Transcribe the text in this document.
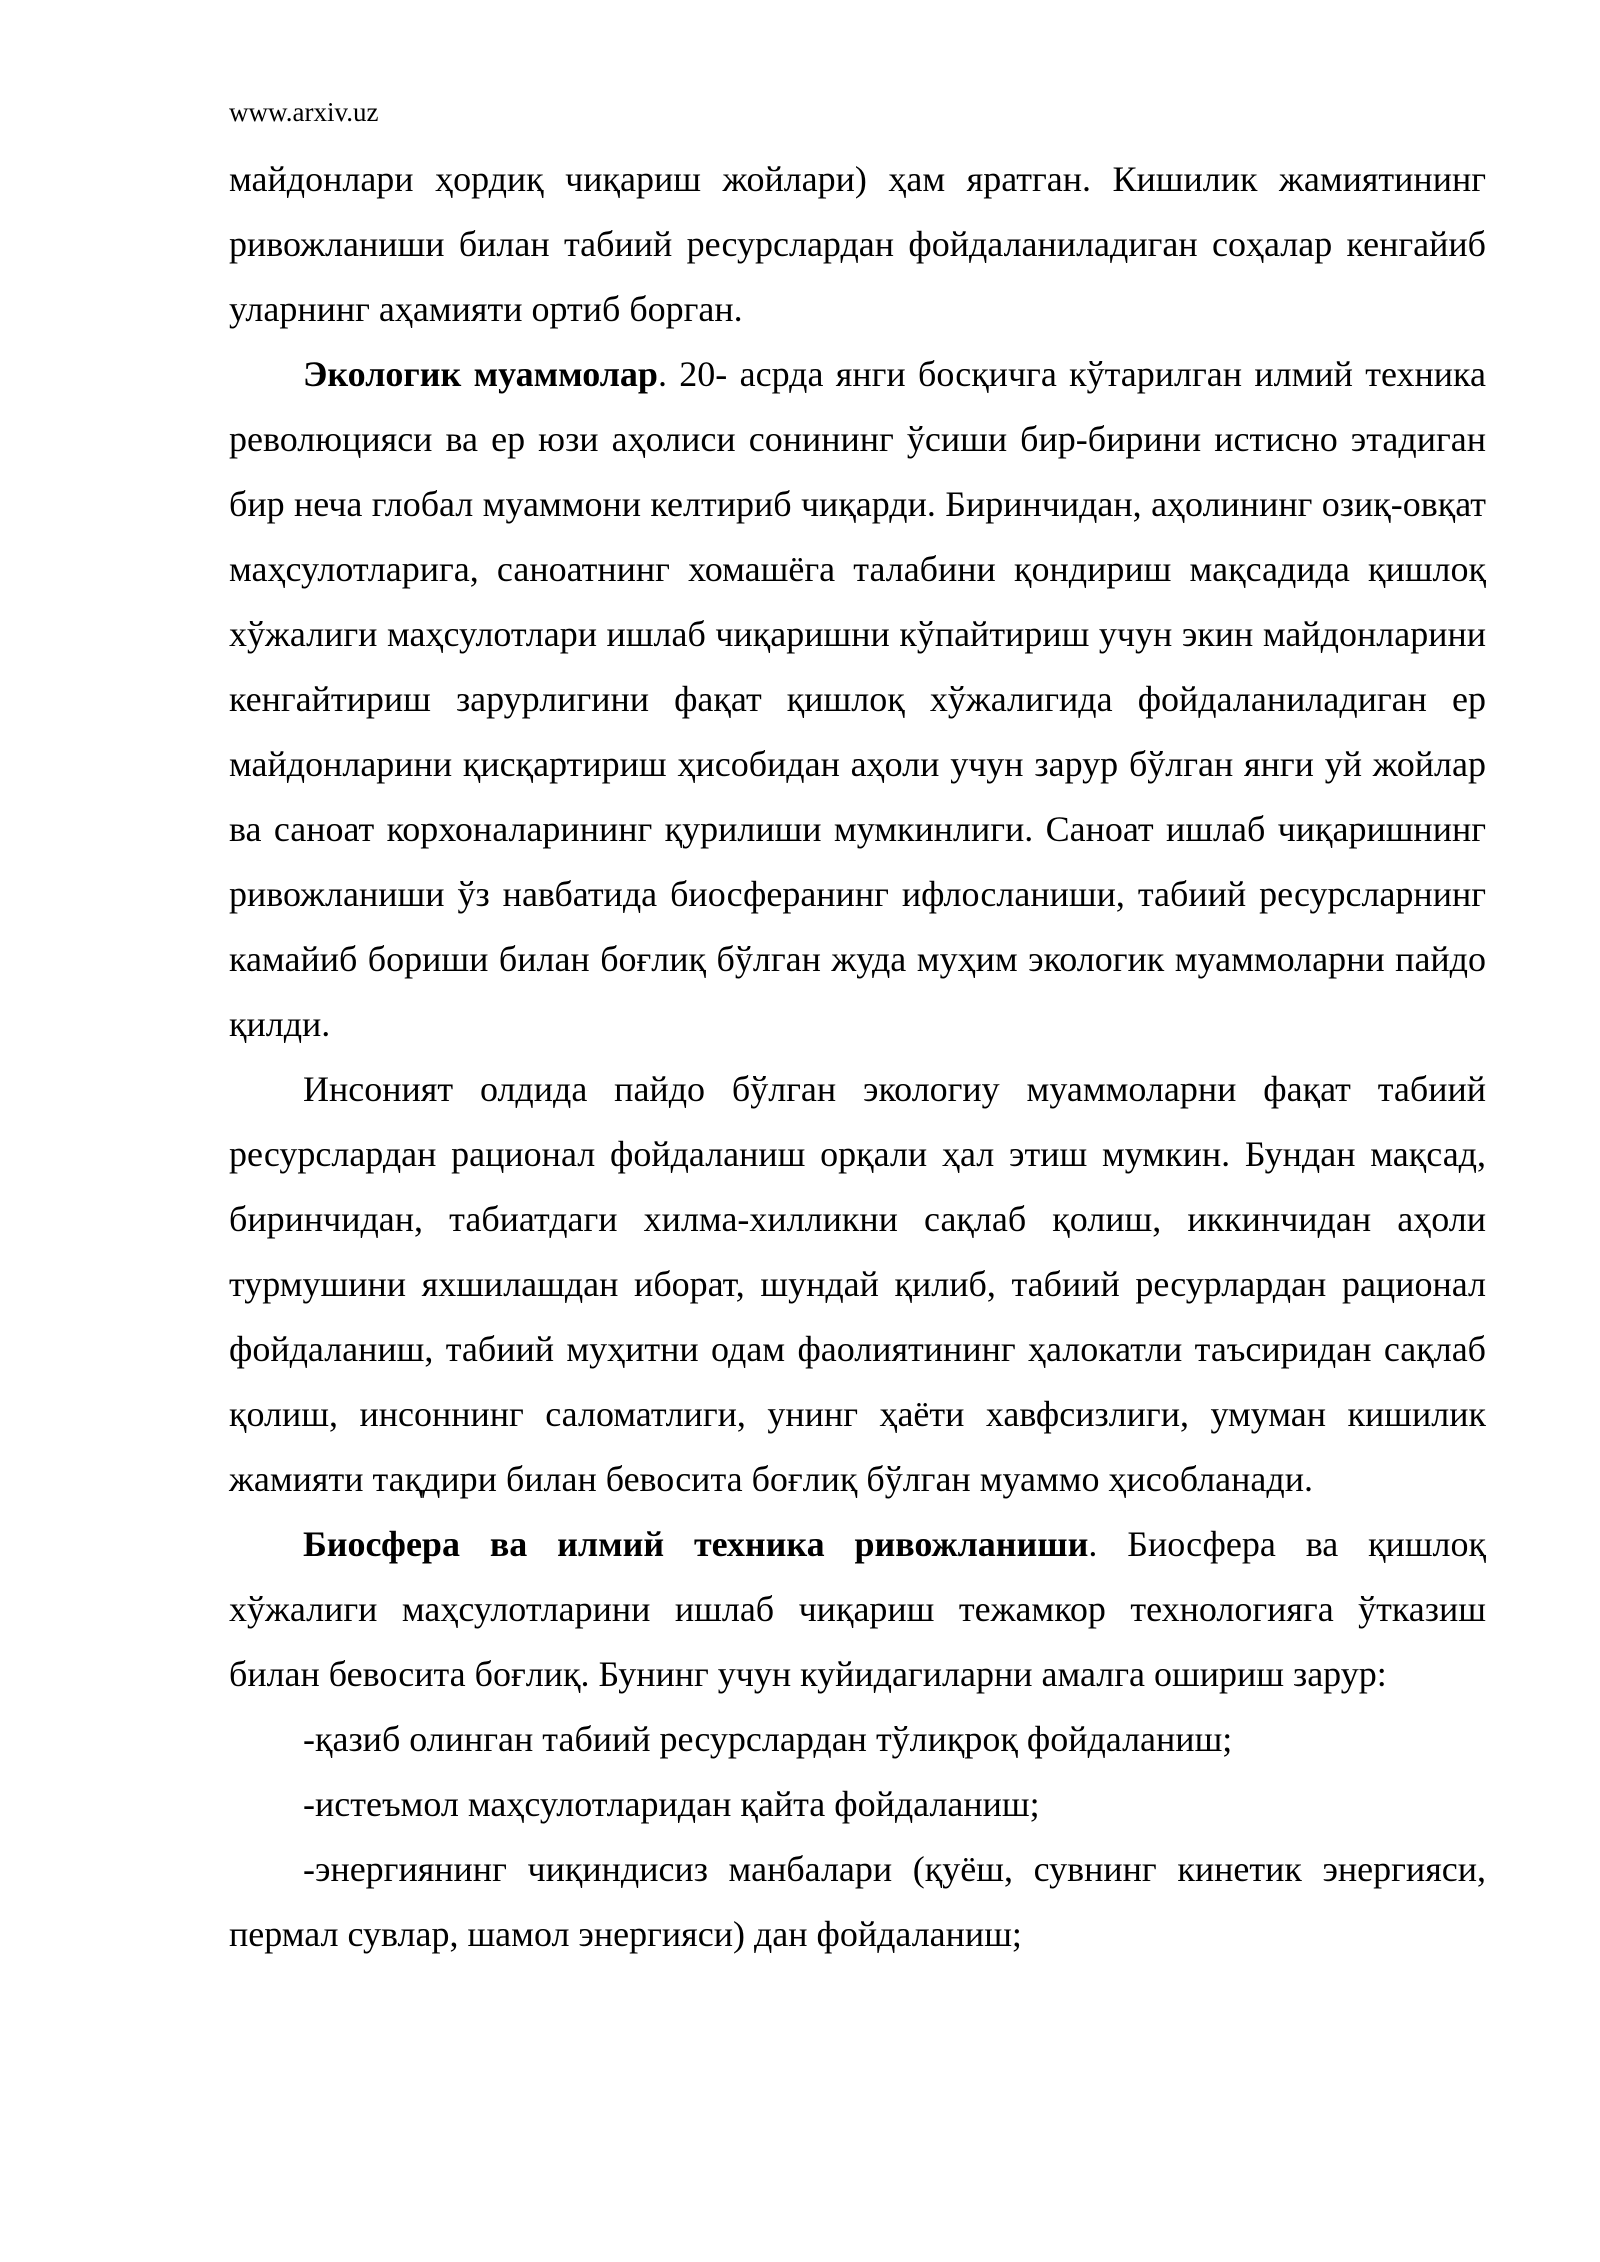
www.arxiv.uz

майдонлари ҳордиқ чиқариш жойлари) ҳам яратган. Кишилик жамиятининг ривожланиши билан табиий ресурслардан фойдаланиладиган соҳалар кенгайиб уларнинг аҳамияти ортиб борган.

Экологик муаммолар. 20- асрда янги босқичга кўтарилган илмий техника революцияси ва ер юзи аҳолиси сонининг ўсиши бир-бирини истисно этадиган бир неча глобал муаммони келтириб чиқарди. Биринчидан, аҳолининг озиқ-овқат маҳсулотларига, саноатнинг хомашёга талабини қондириш мақсадида қишлоқ хўжалиги маҳсулотлари ишлаб чиқаришни кўпайтириш учун экин майдонларини кенгайтириш зарурлигини фақат қишлоқ хўжалигида фойдаланиладиган ер майдонларини қисқартириш ҳисобидан аҳоли учун зарур бўлган янги уй жойлар ва саноат корхоналарининг қурилиши мумкинлиги. Саноат ишлаб чиқаришнинг ривожланиши ўз навбатида биосферанинг ифлосланиши, табиий ресурсларнинг камайиб бориши билан боғлиқ бўлган жуда муҳим экологик муаммоларни пайдо қилди.

Инсоният олдида пайдо бўлган экологиу муаммоларни фақат табиий ресурслардан рационал фойдаланиш орқали ҳал этиш мумкин. Бундан мақсад, биринчидан, табиатдаги хилма-хилликни сақлаб қолиш, иккинчидан аҳоли турмушини яхшилашдан иборат, шундай қилиб, табиий ресурлардан рационал фойдаланиш, табиий муҳитни одам фаолиятининг ҳалокатли таъсиридан сақлаб қолиш, инсоннинг саломатлиги, унинг ҳаёти хавфсизлиги, умуман кишилик жамияти тақдири билан бевосита боғлиқ бўлган муаммо ҳисобланади.

Биосфера ва илмий техника ривожланиши. Биосфера ва қишлоқ хўжалиги маҳсулотларини ишлаб чиқариш тежамкор технологияга ўтказиш билан бевосита боғлиқ. Бунинг учун куйидагиларни амалга ошириш зарур:

-қазиб олинган табиий ресурслардан тўлиқроқ фойдаланиш;

-истеъмол маҳсулотларидан қайта фойдаланиш;

-энергиянинг чиқиндисиз манбалари (қуёш, сувнинг кинетик энергияси, пермал сувлар, шамол энергияси) дан фойдаланиш;
